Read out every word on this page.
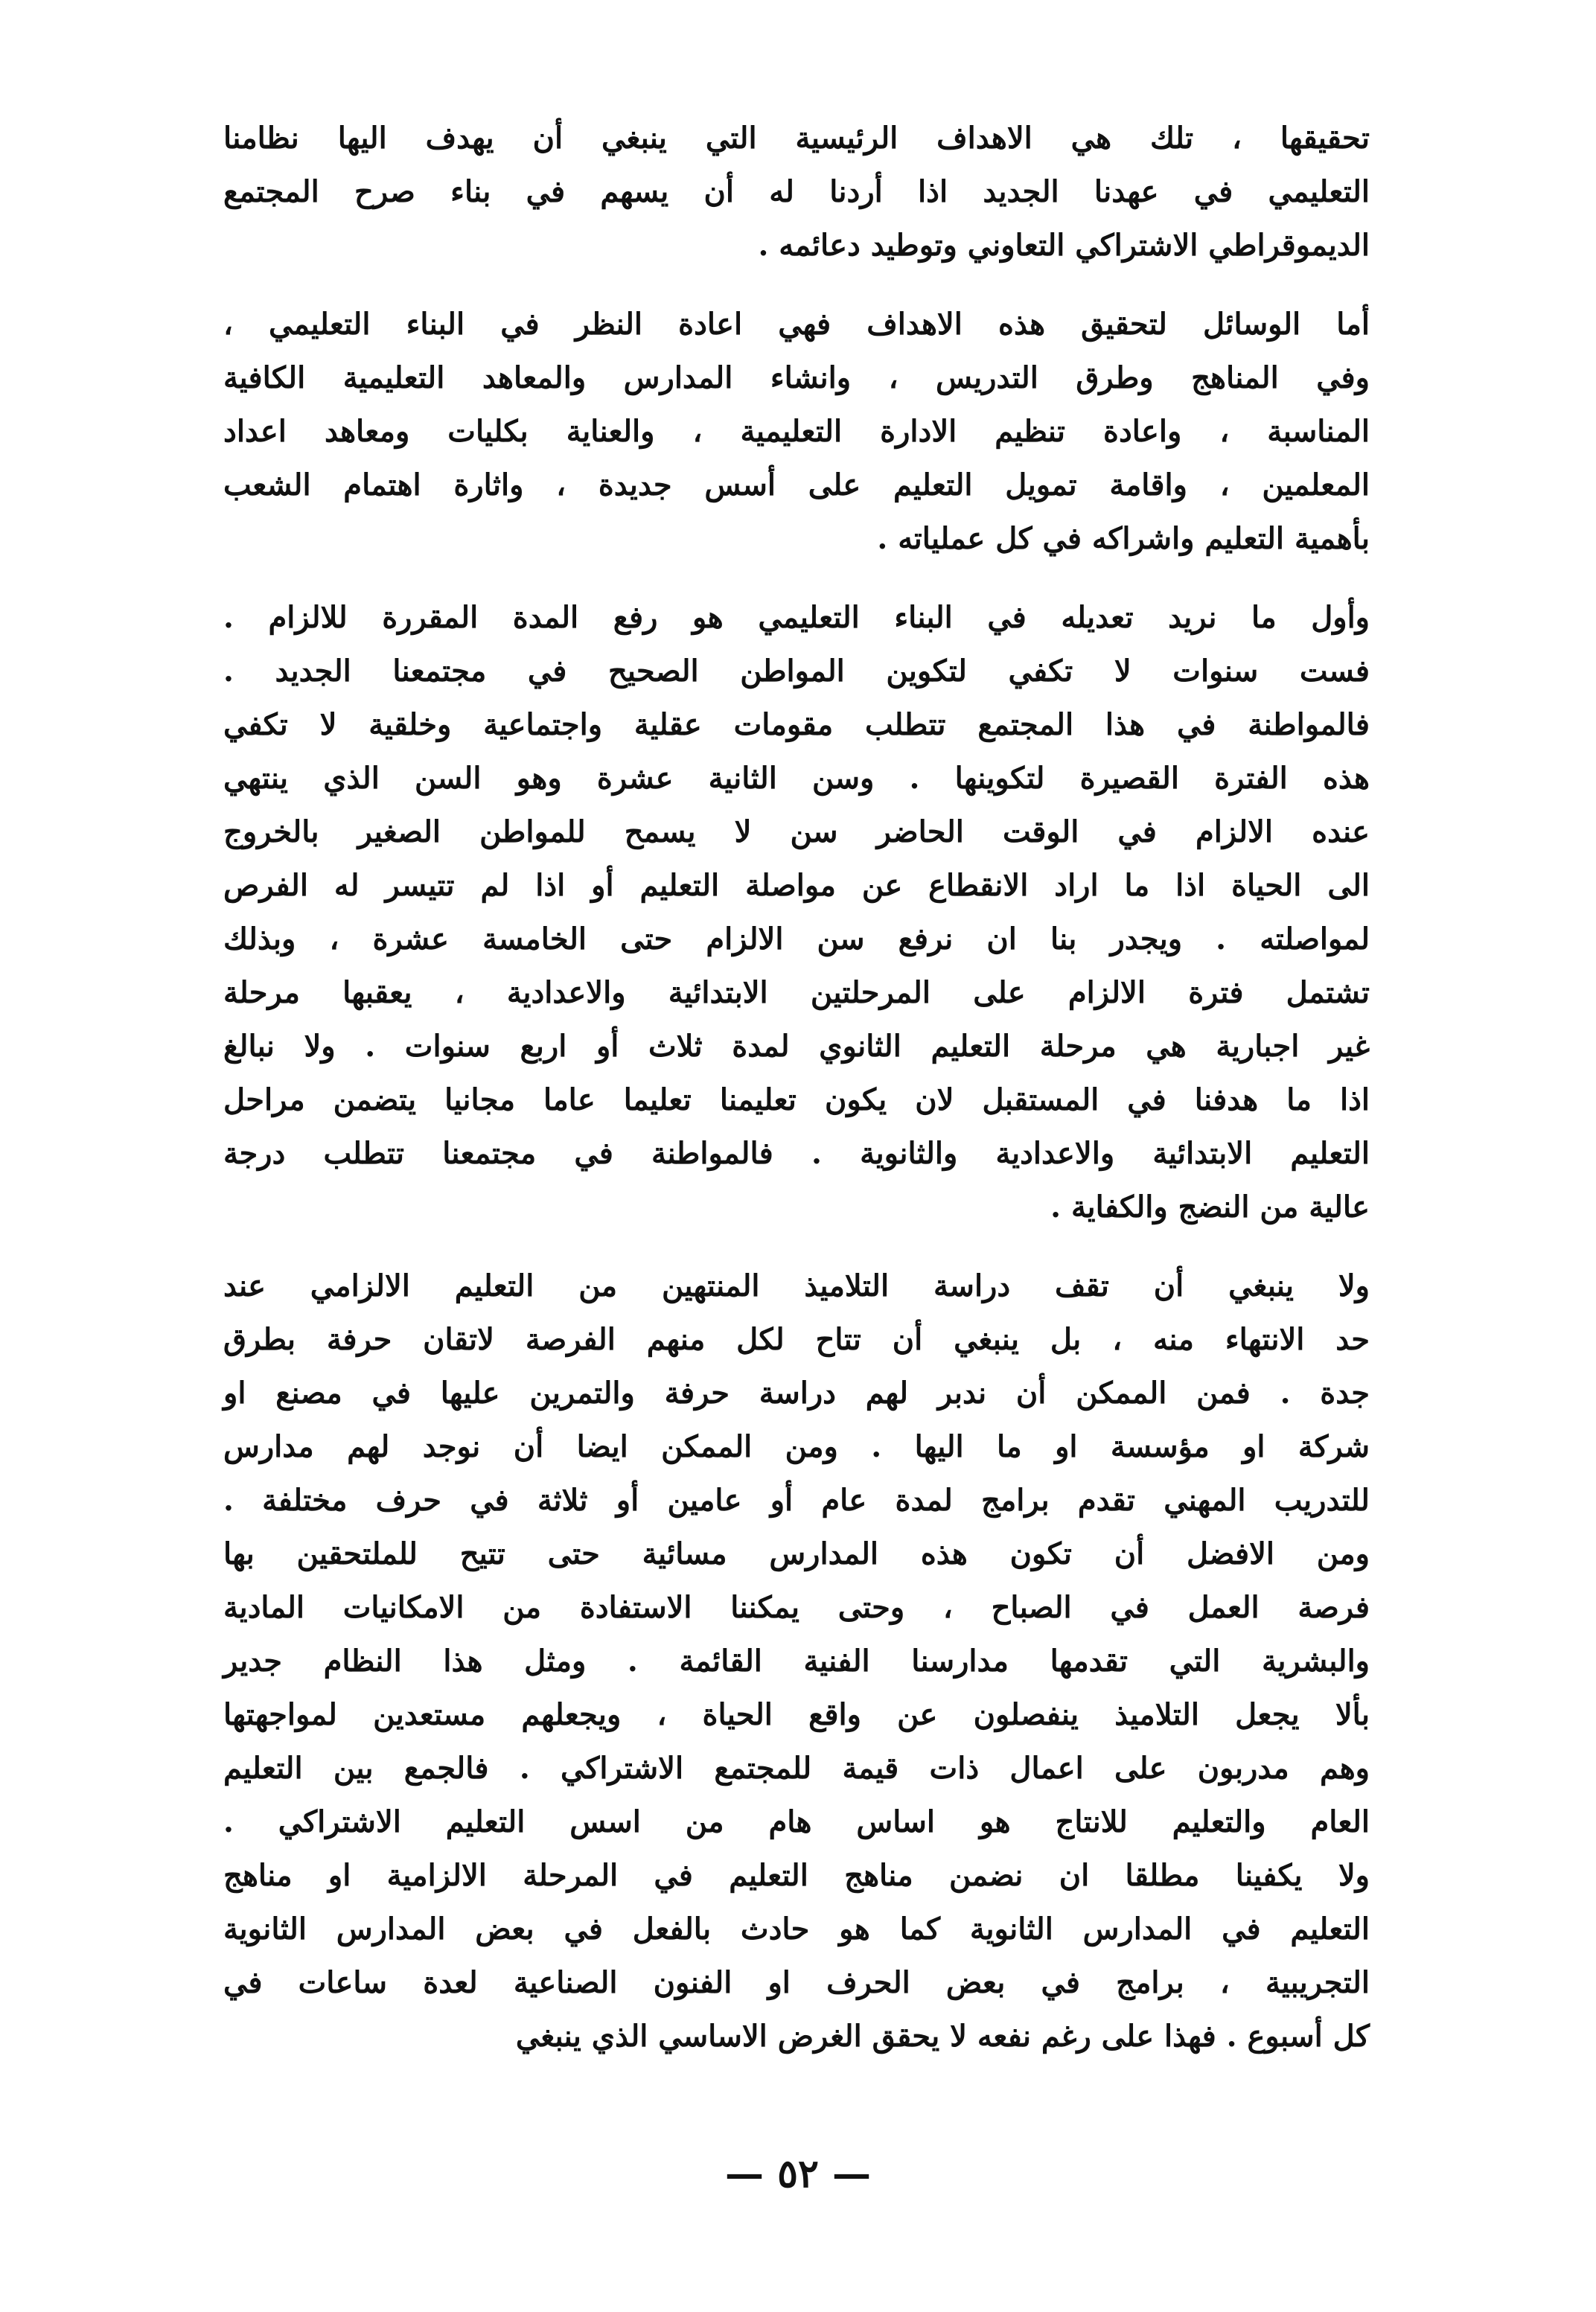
تحقيقها ، تلك هي الاهداف الرئيسية التي ينبغي أن يهدف اليها نظامنا
التعليمي في عهدنا الجديد اذا أردنا له أن يسهم في بناء صرح المجتمع
الديموقراطي الاشتراكي التعاوني وتوطيد دعائمه .
أما الوسائل لتحقيق هذه الاهداف فهي اعادة النظر في البناء التعليمي ،
وفي المناهج وطرق التدريس ، وانشاء المدارس والمعاهد التعليمية الكافية
المناسبة ، واعادة تنظيم الادارة التعليمية ، والعناية بكليات ومعاهد اعداد
المعلمين ، واقامة تمويل التعليم على أسس جديدة ، واثارة اهتمام الشعب
بأهمية التعليم واشراكه في كل عملياته .
وأول ما نريد تعديله في البناء التعليمي هو رفع المدة المقررة للالزام .
فست سنوات لا تكفي لتكوين المواطن الصحيح في مجتمعنا الجديد .
فالمواطنة في هذا المجتمع تتطلب مقومات عقلية واجتماعية وخلقية لا تكفي
هذه الفترة القصيرة لتكوينها . وسن الثانية عشرة وهو السن الذي ينتهي
عنده الالزام في الوقت الحاضر سن لا يسمح للمواطن الصغير بالخروج
الى الحياة اذا ما اراد الانقطاع عن مواصلة التعليم أو اذا لم تتيسر له الفرص
لمواصلته . ويجدر بنا ان نرفع سن الالزام حتى الخامسة عشرة ، وبذلك
تشتمل فترة الالزام على المرحلتين الابتدائية والاعدادية ، يعقبها مرحلة
غير اجبارية هي مرحلة التعليم الثانوي لمدة ثلاث أو اربع سنوات . ولا نبالغ
اذا ما هدفنا في المستقبل لان يكون تعليمنا تعليما عاما مجانيا يتضمن مراحل
التعليم الابتدائية والاعدادية والثانوية . فالمواطنة في مجتمعنا تتطلب درجة
عالية من النضج والكفاية .
ولا ينبغي أن تقف دراسة التلاميذ المنتهين من التعليم الالزامي عند
حد الانتهاء منه ، بل ينبغي أن تتاح لكل منهم الفرصة لاتقان حرفة بطرق
جدة . فمن الممكن أن ندبر لهم دراسة حرفة والتمرين عليها في مصنع او
شركة او مؤسسة او ما اليها . ومن الممكن ايضا أن نوجد لهم مدارس
للتدريب المهني تقدم برامج لمدة عام أو عامين أو ثلاثة في حرف مختلفة .
ومن الافضل أن تكون هذه المدارس مسائية حتى تتيح للملتحقين بها
فرصة العمل في الصباح ، وحتى يمكننا الاستفادة من الامكانيات المادية
والبشرية التي تقدمها مدارسنا الفنية القائمة . ومثل هذا النظام جدير
بألا يجعل التلاميذ ينفصلون عن واقع الحياة ، ويجعلهم مستعدين لمواجهتها
وهم مدربون على اعمال ذات قيمة للمجتمع الاشتراكي . فالجمع بين التعليم
العام والتعليم للانتاج هو اساس هام من اسس التعليم الاشتراكي .
ولا يكفينا مطلقا ان نضمن مناهج التعليم في المرحلة الالزامية او مناهج
التعليم في المدارس الثانوية كما هو حادث بالفعل في بعض المدارس الثانوية
التجريبية ، برامج في بعض الحرف او الفنون الصناعية لعدة ساعات في
كل أسبوع . فهذا على رغم نفعه لا يحقق الغرض الاساسي الذي ينبغي
— ٥٢ —
